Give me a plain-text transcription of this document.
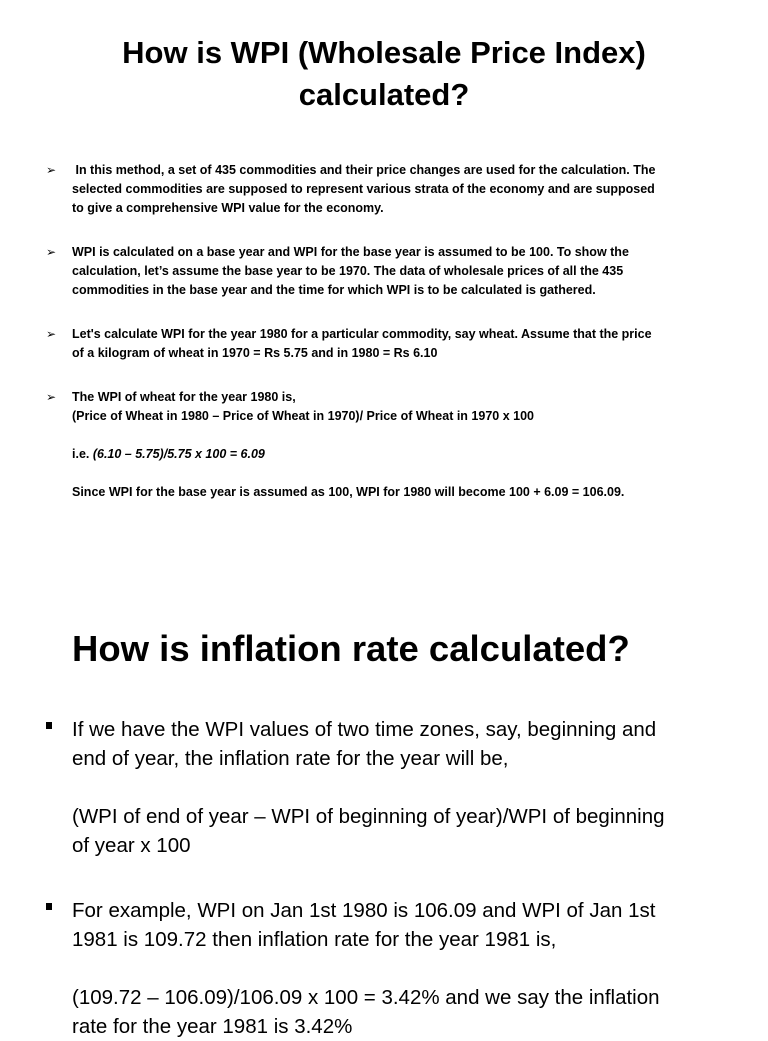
How is WPI (Wholesale Price Index)
calculated?
➢ In this method, a set of 435 commodities and their price changes are used for the calculation. The
selected commodities are supposed to represent various strata of the economy and are supposed
to give a comprehensive WPI value for the economy.

➢ WPI is calculated on a base year and WPI for the base year is assumed to be 100. To show the
calculation, let’s assume the base year to be 1970. The data of wholesale prices of all the 435
commodities in the base year and the time for which WPI is to be calculated is gathered.

➢ Let's calculate WPI for the year 1980 for a particular commodity, say wheat. Assume that the price
of a kilogram of wheat in 1970 = Rs 5.75 and in 1980 = Rs 6.10

➢ The WPI of wheat for the year 1980 is,
(Price of Wheat in 1980 – Price of Wheat in 1970)/ Price of Wheat in 1970 x 100
i.e. (6.10 – 5.75)/5.75 x 100 = 6.09
Since WPI for the base year is assumed as 100, WPI for 1980 will become 100 + 6.09 = 106.09.

How is inflation rate calculated?

If we have the WPI values of two time zones, say, beginning and
end of year, the inflation rate for the year will be,
(WPI of end of year – WPI of beginning of year)/WPI of beginning
of year x 100

For example, WPI on Jan 1st 1980 is 106.09 and WPI of Jan 1st
1981 is 109.72 then inflation rate for the year 1981 is,
(109.72 – 106.09)/106.09 x 100 = 3.42% and we say the inflation
rate for the year 1981 is 3.42%
